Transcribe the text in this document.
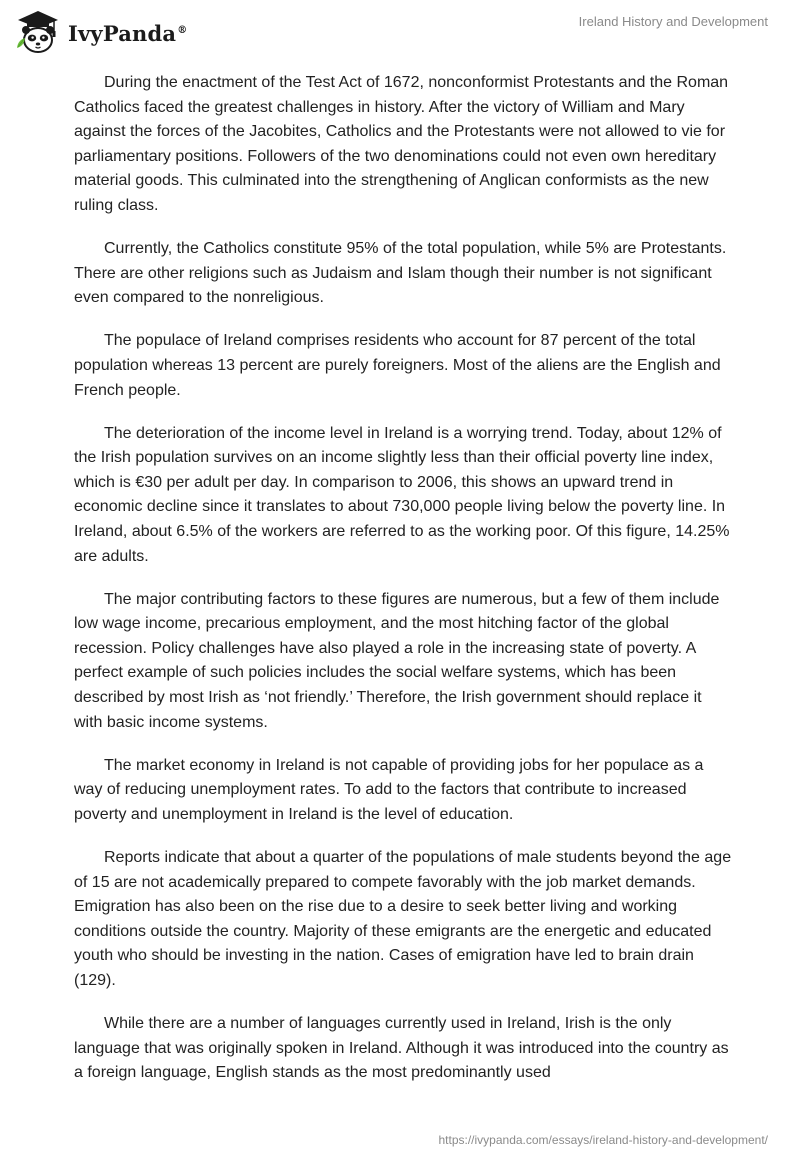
IvyPanda®
Ireland History and Development

During the enactment of the Test Act of 1672, nonconformist Protestants and the Roman Catholics faced the greatest challenges in history. After the victory of William and Mary against the forces of the Jacobites, Catholics and the Protestants were not allowed to vie for parliamentary positions. Followers of the two denominations could not even own hereditary material goods. This culminated into the strengthening of Anglican conformists as the new ruling class.

Currently, the Catholics constitute 95% of the total population, while 5% are Protestants. There are other religions such as Judaism and Islam though their number is not significant even compared to the nonreligious.

The populace of Ireland comprises residents who account for 87 percent of the total population whereas 13 percent are purely foreigners. Most of the aliens are the English and French people.

The deterioration of the income level in Ireland is a worrying trend. Today, about 12% of the Irish population survives on an income slightly less than their official poverty line index, which is €30 per adult per day. In comparison to 2006, this shows an upward trend in economic decline since it translates to about 730,000 people living below the poverty line. In Ireland, about 6.5% of the workers are referred to as the working poor. Of this figure, 14.25% are adults.

The major contributing factors to these figures are numerous, but a few of them include low wage income, precarious employment, and the most hitching factor of the global recession. Policy challenges have also played a role in the increasing state of poverty. A perfect example of such policies includes the social welfare systems, which has been described by most Irish as ‘not friendly.’ Therefore, the Irish government should replace it with basic income systems.

The market economy in Ireland is not capable of providing jobs for her populace as a way of reducing unemployment rates. To add to the factors that contribute to increased poverty and unemployment in Ireland is the level of education.

Reports indicate that about a quarter of the populations of male students beyond the age of 15 are not academically prepared to compete favorably with the job market demands. Emigration has also been on the rise due to a desire to seek better living and working conditions outside the country. Majority of these emigrants are the energetic and educated youth who should be investing in the nation. Cases of emigration have led to brain drain (129).

While there are a number of languages currently used in Ireland, Irish is the only language that was originally spoken in Ireland. Although it was introduced into the country as a foreign language, English stands as the most predominantly used

https://ivypanda.com/essays/ireland-history-and-development/
